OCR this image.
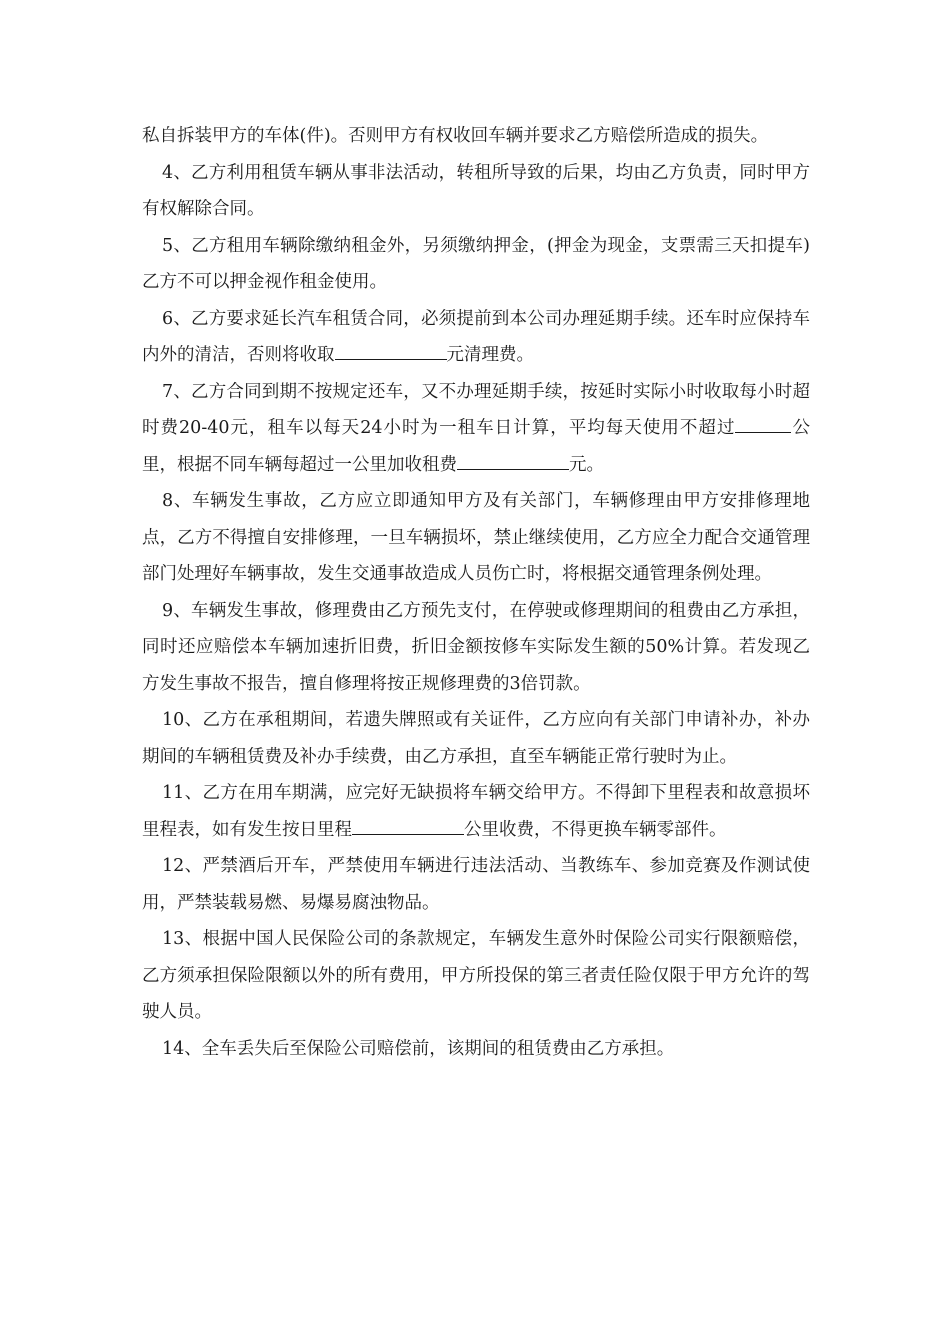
私自拆装甲方的车体(件)。否则甲方有权收回车辆并要求乙方赔偿所造成的损失。

4、乙方利用租赁车辆从事非法活动，转租所导致的后果，均由乙方负责，同时甲方有权解除合同。

5、乙方租用车辆除缴纳租金外，另须缴纳押金，(押金为现金，支票需三天扣提车)乙方不可以押金视作租金使用。

6、乙方要求延长汽车租赁合同，必须提前到本公司办理延期手续。还车时应保持车内外的清洁，否则将收取	元清理费。

7、乙方合同到期不按规定还车，又不办理延期手续，按延时实际小时收取每小时超时费20-40元，租车以每天24小时为一租车日计算，平均每天使用不超过	公里，根据不同车辆每超过一公里加收租费	元。

8、车辆发生事故，乙方应立即通知甲方及有关部门，车辆修理由甲方安排修理地点，乙方不得擅自安排修理，一旦车辆损坏，禁止继续使用，乙方应全力配合交通管理部门处理好车辆事故，发生交通事故造成人员伤亡时，将根据交通管理条例处理。

9、车辆发生事故，修理费由乙方预先支付，在停驶或修理期间的租费由乙方承担，同时还应赔偿本车辆加速折旧费，折旧金额按修车实际发生额的50%计算。若发现乙方发生事故不报告，擅自修理将按正规修理费的3倍罚款。

10、乙方在承租期间，若遗失牌照或有关证件，乙方应向有关部门申请补办，补办期间的车辆租赁费及补办手续费，由乙方承担，直至车辆能正常行驶时为止。

11、乙方在用车期满，应完好无缺损将车辆交给甲方。不得卸下里程表和故意损坏里程表，如有发生按日里程	公里收费，不得更换车辆零部件。

12、严禁酒后开车，严禁使用车辆进行违法活动、当教练车、参加竞赛及作测试使用，严禁装载易燃、易爆易腐浊物品。

13、根据中国人民保险公司的条款规定，车辆发生意外时保险公司实行限额赔偿，乙方须承担保险限额以外的所有费用，甲方所投保的第三者责任险仅限于甲方允许的驾驶人员。

14、全车丢失后至保险公司赔偿前，该期间的租赁费由乙方承担。
